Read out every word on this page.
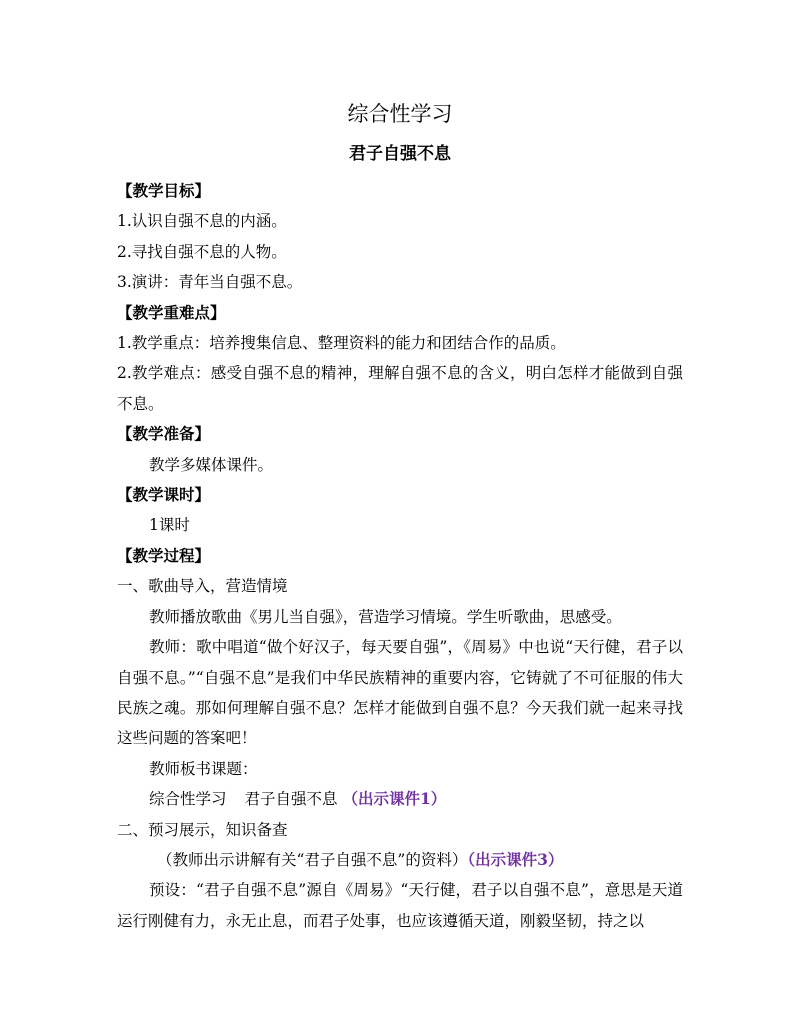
综合性学习
君子自强不息

【教学目标】

1.认识自强不息的内涵。

2.寻找自强不息的人物。

3.演讲：青年当自强不息。

【教学重难点】

1.教学重点：培养搜集信息、整理资料的能力和团结合作的品质。

2.教学难点：感受自强不息的精神，理解自强不息的含义，明白怎样才能做到自强不息。

【教学准备】

教学多媒体课件。

【教学课时】

1课时

【教学过程】

一、歌曲导入，营造情境

教师播放歌曲《男儿当自强》，营造学习情境。学生听歌曲，思感受。

教师：歌中唱道“做个好汉子，每天要自强”，《周易》中也说“天行健，君子以自强不息。”“自强不息”是我们中华民族精神的重要内容，它铸就了不可征服的伟大民族之魂。那如何理解自强不息？怎样才能做到自强不息？今天我们就一起来寻找这些问题的答案吧！

教师板书课题：

综合性学习 君子自强不息 （出示课件1）

二、预习展示，知识备查

（教师出示讲解有关“君子自强不息”的资料）（出示课件3）

预设：“君子自强不息”源自《周易》“天行健，君子以自强不息”，意思是天道运行刚健有力，永无止息，而君子处事，也应该遵循天道，刚毅坚韧，持之以
